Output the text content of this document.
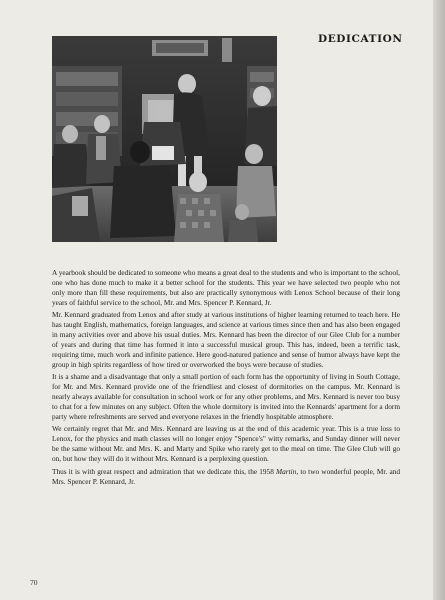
DEDICATION

A yearbook should be dedicated to someone who means a great deal to the students and who is important to the school, one who has done much to make it a better school for the students. This year we have selected two people who not only more than fill these requirements, but also are practically synonymous with Lenox School because of their long years of faithful service to the school, Mr. and Mrs. Spencer P. Kennard, Jr.

Mr. Kennard graduated from Lenox and after study at various institutions of higher learning returned to teach here. He has taught English, mathematics, foreign languages, and science at various times since then and has also been engaged in many activities over and above his usual duties. Mrs. Kennard has been the director of our Glee Club for a number of years and during that time has formed it into a successful musical group. This has, indeed, been a terrific task, requiring time, much work and infinite patience. Here good-natured patience and sense of humor always have kept the group in high spirits regardless of how tired or overworked the boys were because of studies.

It is a shame and a disadvantage that only a small portion of each form has the opportunity of living in South Cottage, for Mr. and Mrs. Kennard provide one of the friendliest and closest of dormitories on the campus. Mr. Kennard is nearly always available for consultation in school work or for any other problems, and Mrs. Kennard is never too busy to chat for a few minutes on any subject. Often the whole dormitory is invited into the Kennards' apartment for a dorm party where refreshments are served and everyone relaxes in the friendly hospitable atmosphere.

We certainly regret that Mr. and Mrs. Kennard are leaving us at the end of this academic year. This is a true loss to Lenox, for the physics and math classes will no longer enjoy "Spence's" witty remarks, and Sunday dinner will never be the same without Mr. and Mrs. K. and Marty and Spike who rarely get to the meal on time. The Glee Club will go on, but how they will do it without Mrs. Kennard is a perplexing question.

Thus it is with great respect and admiration that we dedicate this, the 1958 Martin, to two wonderful people, Mr. and Mrs. Spencer P. Kennard, Jr.

70
